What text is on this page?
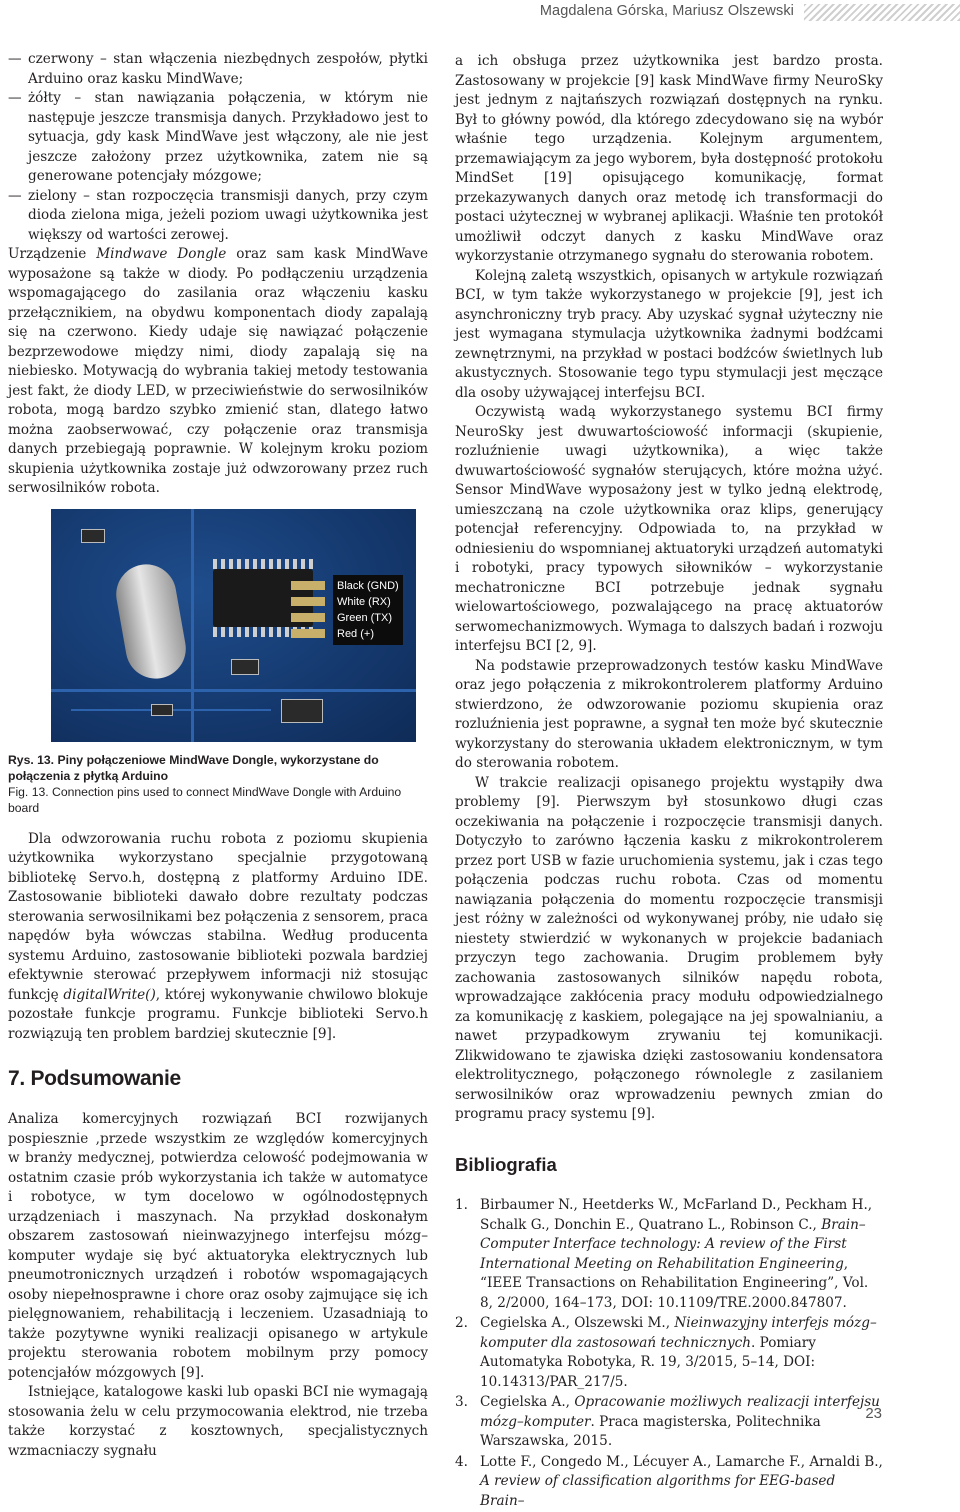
Magdalena Górska, Mariusz Olszewski
— czerwony – stan włączenia niezbędnych zespołów, płytki Arduino oraz kasku MindWave;
— żółty – stan nawiązania połączenia, w którym nie następuje jeszcze transmisja danych. Przykładowo jest to sytuacja, gdy kask MindWave jest włączony, ale nie jest jeszcze założony przez użytkownika, zatem nie są generowane potencjały mózgowe;
— zielony – stan rozpoczęcia transmisji danych, przy czym dioda zielona miga, jeżeli poziom uwagi użytkownika jest większy od wartości zerowej.

Urządzenie Mindwave Dongle oraz sam kask MindWave wyposażone są także w diody. Po podłączeniu urządzenia wspomagającego do zasilania oraz włączeniu kasku przełącznikiem, na obydwu komponentach diody zapalają się na czerwono. Kiedy udaje się nawiązać połączenie bezprzewodowe między nimi, diody zapalają się na niebiesko. Motywacją do wybrania takiej metody testowania jest fakt, że diody LED, w przeciwieństwie do serwosilników robota, mogą bardzo szybko zmienić stan, dlatego łatwo można zaobserwować, czy połączenie oraz transmisja danych przebiegają poprawnie. W kolejnym kroku poziom skupienia użytkownika zostaje już odwzorowany przez ruch serwosilników robota.

Black (GND)
White (RX)
Green (TX)
Red (+)
Rys. 13. Piny połączeniowe MindWave Dongle, wykorzystane do połączenia z płytką Arduino
Fig. 13. Connection pins used to connect MindWave Dongle with Arduino board

Dla odwzorowania ruchu robota z poziomu skupienia użytkownika wykorzystano specjalnie przygotowaną bibliotekę Servo.h, dostępną z platformy Arduino IDE. Zastosowanie biblioteki dawało dobre rezultaty podczas sterowania serwosilnikami bez połączenia z sensorem, praca napędów była wówczas stabilna. Według producenta systemu Arduino, zastosowanie biblioteki pozwala bardziej efektywnie sterować przepływem informacji niż stosując funkcję digitalWrite(), której wykonywanie chwilowo blokuje pozostałe funkcje programu. Funkcje biblioteki Servo.h rozwiązują ten problem bardziej skutecznie [9].

7. Podsumowanie

Analiza komercyjnych rozwiązań BCI rozwijanych pospiesznie ,przede wszystkim ze względów komercyjnych w branży medycznej, potwierdza celowość podejmowania w ostatnim czasie prób wykorzystania ich także w automatyce i robotyce, w tym docelowo w ogólnodostępnych urządzeniach i maszynach. Na przykład doskonałym obszarem zastosowań nieinwazyjnego interfejsu mózg–komputer wydaje się być aktuatoryka elektrycznych lub pneumotronicznych urządzeń i robotów wspomagających osoby niepełnosprawne i chore oraz osoby zajmujące się ich pielęgnowaniem, rehabilitacją i leczeniem. Uzasadniają to także pozytywne wyniki realizacji opisanego w artykule projektu sterowania robotem mobilnym przy pomocy potencjałów mózgowych [9].

Istniejące, katalogowe kaski lub opaski BCI nie wymagają stosowania żelu w celu przymocowania elektrod, nie trzeba także korzystać z kosztownych, specjalistycznych wzmacniaczy sygnału

a ich obsługa przez użytkownika jest bardzo prosta. Zastosowany w projekcie [9] kask MindWave firmy NeuroSky jest jednym z najtańszych rozwiązań dostępnych na rynku. Był to główny powód, dla którego zdecydowano się na wybór właśnie tego urządzenia. Kolejnym argumentem, przemawiającym za jego wyborem, była dostępność protokołu MindSet [19] opisującego komunikację, format przekazywanych danych oraz metodę ich transformacji do postaci użytecznej w wybranej aplikacji. Właśnie ten protokół umożliwił odczyt danych z kasku MindWave oraz wykorzystanie otrzymanego sygnału do sterowania robotem.

Kolejną zaletą wszystkich, opisanych w artykule rozwiązań BCI, w tym także wykorzystanego w projekcie [9], jest ich asynchroniczny tryb pracy. Aby uzyskać sygnał użyteczny nie jest wymagana stymulacja użytkownika żadnymi bodźcami zewnętrznymi, na przykład w postaci bodźców świetlnych lub akustycznych. Stosowanie tego typu stymulacji jest męczące dla osoby używającej interfejsu BCI.

Oczywistą wadą wykorzystanego systemu BCI firmy NeuroSky jest dwuwartościowość informacji (skupienie, rozluźnienie uwagi użytkownika), a więc także dwuwartościowość sygnałów sterujących, które można użyć. Sensor MindWave wyposażony jest w tylko jedną elektrodę, umieszczaną na czole użytkownika oraz klips, generujący potencjał referencyjny. Odpowiada to, na przykład w odniesieniu do wspomnianej aktuatoryki urządzeń automatyki i robotyki, pracy typowych siłowników – wykorzystanie mechatroniczne BCI potrzebuje jednak sygnału wielowartościowego, pozwalającego na pracę aktuatorów serwomechanizmowych. Wymaga to dalszych badań i rozwoju interfejsu BCI [2, 9].

Na podstawie przeprowadzonych testów kasku MindWave oraz jego połączenia z mikrokontrolerem platformy Arduino stwierdzono, że odwzorowanie poziomu skupienia oraz rozluźnienia jest poprawne, a sygnał ten może być skutecznie wykorzystany do sterowania układem elektronicznym, w tym do sterowania robotem.

W trakcie realizacji opisanego projektu wystąpiły dwa problemy [9]. Pierwszym był stosunkowo długi czas oczekiwania na połączenie i rozpoczęcie transmisji danych. Dotyczyło to zarówno łączenia kasku z mikrokontrolerem przez port USB w fazie uruchomienia systemu, jak i czas tego połączenia podczas ruchu robota. Czas od momentu nawiązania połączenia do momentu rozpoczęcie transmisji jest różny w zależności od wykonywanej próby, nie udało się niestety stwierdzić w wykonanych w projekcie badaniach przyczyn tego zachowania. Drugim problemem były zachowania zastosowanych silników napędu robota, wprowadzające zakłócenia pracy modułu odpowiedzialnego za komunikację z kaskiem, polegające na jej spowalnianiu, a nawet przypadkowym zrywaniu tej komunikacji. Zlikwidowano te zjawiska dzięki zastosowaniu kondensatora elektrolitycznego, połączonego równolegle z zasilaniem serwosilników oraz wprowadzeniu pewnych zmian do programu pracy systemu [9].

Bibliografia
1. Birbaumer N., Heetderks W., McFarland D., Peckham H., Schalk G., Donchin E., Quatrano L., Robinson C., Brain–Computer Interface technology: A review of the First International Meeting on Rehabilitation Engineering, “IEEE Transactions on Rehabilitation Engineering”, Vol. 8, 2/2000, 164–173, DOI: 10.1109/TRE.2000.847807.
2. Cegielska A., Olszewski M., Nieinwazyjny interfejs mózg–komputer dla zastosowań technicznych. Pomiary Automatyka Robotyka, R. 19, 3/2015, 5–14, DOI: 10.14313/PAR_217/5.
3. Cegielska A., Opracowanie możliwych realizacji interfejsu mózg–komputer. Praca magisterska, Politechnika Warszawska, 2015.
4. Lotte F., Congedo M., Lécuyer A., Lamarche F., Arnaldi B., A review of classification algorithms for EEG-based Brain–
23
